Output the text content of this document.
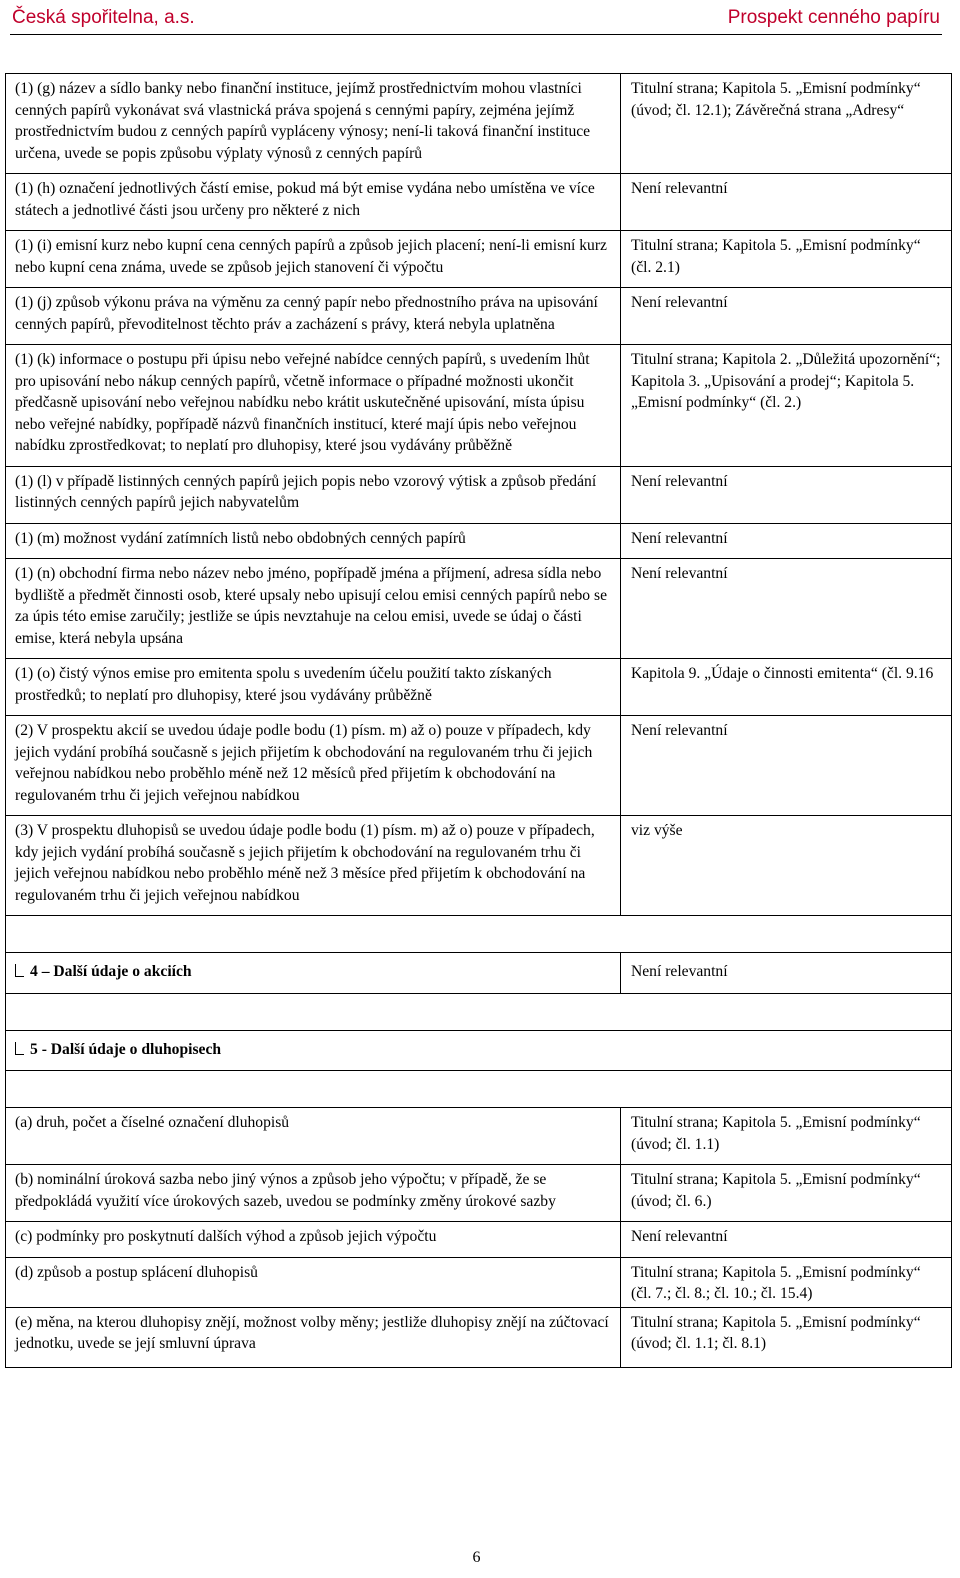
Česká spořitelna, a.s.	Prospekt cenného papíru
(1) (g) název a sídlo banky nebo finanční instituce, jejímž prostřednictvím mohou vlastníci cenných papírů vykonávat svá vlastnická práva spojená s cennými papíry, zejména jejímž prostřednictvím budou z cenných papírů vypláceny výnosy; není-li taková finanční instituce určena, uvede se popis způsobu výplaty výnosů z cenných papírů	Titulní strana; Kapitola 5. „Emisní podmínky“ (úvod; čl. 12.1); Závěrečná strana „Adresy“
(1) (h) označení jednotlivých částí emise, pokud má být emise vydána nebo umístěna ve více státech a jednotlivé části jsou určeny pro některé z nich	Není relevantní
(1) (i) emisní kurz nebo kupní cena cenných papírů a způsob jejich placení; není-li emisní kurz nebo kupní cena známa, uvede se způsob jejich stanovení či výpočtu	Titulní strana; Kapitola 5. „Emisní podmínky“ (čl. 2.1)
(1) (j) způsob výkonu práva na výměnu za cenný papír nebo přednostního práva na upisování cenných papírů, převoditelnost těchto práv a zacházení s právy, která nebyla uplatněna	Není relevantní
(1) (k) informace o postupu při úpisu nebo veřejné nabídce cenných papírů, s uvedením lhůt pro upisování nebo nákup cenných papírů, včetně informace o případné možnosti ukončit předčasně upisování nebo veřejnou nabídku nebo krátit uskutečněné upisování, místa úpisu nebo veřejné nabídky, popřípadě názvů finančních institucí, které mají úpis nebo veřejnou nabídku zprostředkovat; to neplatí pro dluhopisy, které jsou vydávány průběžně	Titulní strana; Kapitola 2. „Důležitá upozornění“; Kapitola 3. „Upisování a prodej“; Kapitola 5. „Emisní podmínky“ (čl. 2.)
(1) (l) v případě listinných cenných papírů jejich popis nebo vzorový výtisk a způsob předání listinných cenných papírů jejich nabyvatelům	Není relevantní
(1) (m) možnost vydání zatímních listů nebo obdobných cenných papírů	Není relevantní
(1) (n) obchodní firma nebo název nebo jméno, popřípadě jména a příjmení, adresa sídla nebo bydliště a předmět činnosti osob, které upsaly nebo upisují celou emisi cenných papírů nebo se za úpis této emise zaručily; jestliže se úpis nevztahuje na celou emisi, uvede se údaj o části emise, která nebyla upsána	Není relevantní
(1) (o) čistý výnos emise pro emitenta spolu s uvedením účelu použití takto získaných prostředků; to neplatí pro dluhopisy, které jsou vydávány průběžně	Kapitola 9. „Údaje o činnosti emitenta“ (čl. 9.16
(2) V prospektu akcií se uvedou údaje podle bodu (1) písm. m) až o) pouze v případech, kdy jejich vydání probíhá současně s jejich přijetím k obchodování na regulovaném trhu či jejich veřejnou nabídkou nebo proběhlo méně než 12 měsíců před přijetím k obchodování na regulovaném trhu či jejich veřejnou nabídkou	Není relevantní
(3) V prospektu dluhopisů se uvedou údaje podle bodu (1) písm. m) až o) pouze v případech, kdy jejich vydání probíhá současně s jejich přijetím k obchodování na regulovaném trhu či jejich veřejnou nabídkou nebo proběhlo méně než 3 měsíce před přijetím k obchodování na regulovaném trhu či jejich veřejnou nabídkou	viz výše

4 – Další údaje o akciích	Není relevantní

5 - Další údaje o dluhopisech	

(a) druh, počet a číselné označení dluhopisů	Titulní strana; Kapitola 5. „Emisní podmínky“ (úvod; čl. 1.1)
(b) nominální úroková sazba nebo jiný výnos a způsob jeho výpočtu; v případě, že se předpokládá využití více úrokových sazeb, uvedou se podmínky změny úrokové sazby	Titulní strana; Kapitola 5. „Emisní podmínky“ (úvod; čl. 6.)
(c) podmínky pro poskytnutí dalších výhod a způsob jejich výpočtu	Není relevantní
(d) způsob a postup splácení dluhopisů	Titulní strana; Kapitola 5. „Emisní podmínky“ (čl. 7.; čl. 8.; čl. 10.; čl. 15.4)
(e) měna, na kterou dluhopisy znějí, možnost volby měny; jestliže dluhopisy znějí na zúčtovací jednotku, uvede se její smluvní úprava	Titulní strana; Kapitola 5. „Emisní podmínky“ (úvod; čl. 1.1; čl. 8.1)
6
